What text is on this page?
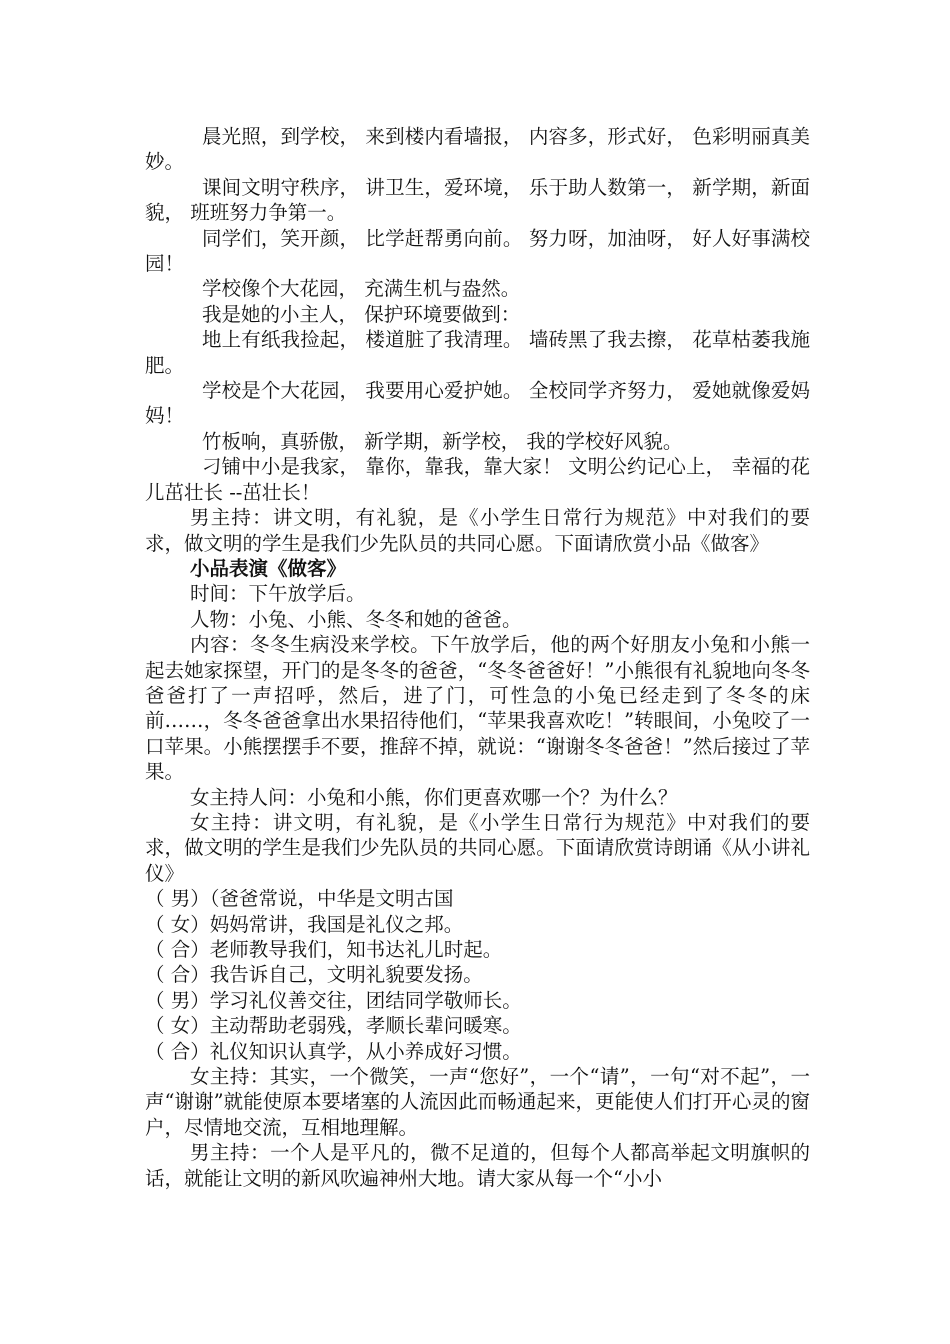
晨光照，到学校， 来到楼内看墙报， 内容多，形式好， 色彩明丽真美妙。

课间文明守秩序， 讲卫生，爱环境， 乐于助人数第一， 新学期，新面貌， 班班努力争第一。

同学们，笑开颜， 比学赶帮勇向前。 努力呀，加油呀， 好人好事满校园！

学校像个大花园， 充满生机与盎然。

我是她的小主人， 保护环境要做到：

地上有纸我捡起， 楼道脏了我清理。 墙砖黑了我去擦， 花草枯萎我施肥。

学校是个大花园， 我要用心爱护她。 全校同学齐努力， 爱她就像爱妈妈！

竹板响，真骄傲， 新学期，新学校， 我的学校好风貌。

刁铺中小是我家， 靠你，靠我，靠大家！ 文明公约记心上， 幸福的花儿茁壮长 --茁壮长！

男主持：讲文明，有礼貌，是《小学生日常行为规范》中对我们的要求，做文明的学生是我们少先队员的共同心愿。下面请欣赏小品《做客》

小品表演《做客》

时间：下午放学后。

人物：小兔、小熊、冬冬和她的爸爸。

内容：冬冬生病没来学校。下午放学后，他的两个好朋友小兔和小熊一起去她家探望，开门的是冬冬的爸爸，“冬冬爸爸好！”小熊很有礼貌地向冬冬爸爸打了一声招呼，然后，进了门，可性急的小兔已经走到了冬冬的床前……，冬冬爸爸拿出水果招待他们，“苹果我喜欢吃！”转眼间，小兔咬了一口苹果。小熊摆摆手不要，推辞不掉，就说：“谢谢冬冬爸爸！”然后接过了苹果。

女主持人问：小兔和小熊，你们更喜欢哪一个？为什么？

女主持：讲文明，有礼貌，是《小学生日常行为规范》中对我们的要求，做文明的学生是我们少先队员的共同心愿。下面请欣赏诗朗诵《从小讲礼仪》

（ 男）（爸爸常说，中华是文明古国

（ 女）妈妈常讲，我国是礼仪之邦。

（ 合）老师教导我们，知书达礼儿时起。

（ 合）我告诉自己，文明礼貌要发扬。

（ 男）学习礼仪善交往，团结同学敬师长。

（ 女）主动帮助老弱残，孝顺长辈问暖寒。

（ 合）礼仪知识认真学，从小养成好习惯。

女主持：其实，一个微笑，一声“您好”，一个“请”，一句“对不起”，一声“谢谢”就能使原本要堵塞的人流因此而畅通起来，更能使人们打开心灵的窗户，尽情地交流，互相地理解。

男主持：一个人是平凡的，微不足道的，但每个人都高举起文明旗帜的话，就能让文明的新风吹遍神州大地。请大家从每一个“小小
